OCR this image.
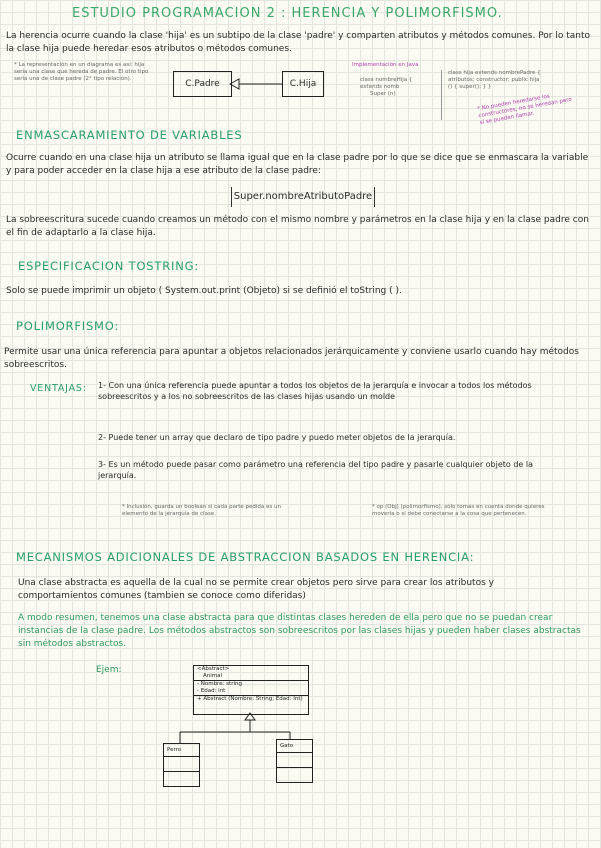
ESTUDIO PROGRAMACION 2 : HERENCIA Y POLIMORFISMO.
La herencia ocurre cuando la clase 'hija' es un subtipo de la clase 'padre' y comparten atributos y métodos comunes. Por lo tanto la clase hija puede heredar esos atributos o métodos comunes.
* La representación en un diagrama es así: hija sería una clase que hereda de padre. El otro tipo sería una de clase padre (2° tipo relación).	C.Padre	C.Hija
Implementación en Java
class nombreHija {
extends nomb
Super (n)
class hija extends nombrePadre { atributos; constructor; public hija () { super(); } }
* No pueden heredarse los constructores, no se heredan pero sí se pueden llamar.
ENMASCARAMIENTO DE VARIABLES
Ocurre cuando en una clase hija un atributo se llama igual que en la clase padre por lo que se dice que se enmascara la variable y para poder acceder en la clase hija a ese atributo de la clase padre:
Super.nombreAtributoPadre
La sobreescritura sucede cuando creamos un método con el mismo nombre y parámetros en la clase hija y en la clase padre con el fin de adaptarlo a la clase hija.
ESPECIFICACION TOSTRING:
Solo se puede imprimir un objeto ( System.out.print (Objeto) si se definió el toString ( ).
POLIMORFISMO:
Permite usar una única referencia para apuntar a objetos relacionados jerárquicamente y conviene usarlo cuando hay métodos sobreescritos.
VENTAJAS: 1- Con una única referencia puede apuntar a todos los objetos de la jerarquía e invocar a todos los métodos sobreescritos y a los no sobreescritos de las clases hijas usando un molde
2- Puede tener un array que declaro de tipo padre y puedo meter objetos de la jerarquía.
3- Es un método puede pasar como parámetro una referencia del tipo padre y pasarle cualquier objeto de la jerarquía.
* Inclusión, guarda un boolean si cada parte pedida es un elemento de la jerarquía de clase.
* op (Obj) (polimorfismo), sólo tomas en cuenta donde quieres moverla o si debe conectarse a la cosa que pertenecen.
MECANISMOS ADICIONALES DE ABSTRACCION BASADOS EN HERENCIA:
Una clase abstracta es aquella de la cual no se permite crear objetos pero sirve para crear los atributos y comportamientos comunes (tambien se conoce como diferidas)
A modo resumen, tenemos una clase abstracta para que distintas clases hereden de ella pero que no se puedan crear instancias de la clase padre. Los métodos abstractos son sobreescritos por las clases hijas y pueden haber clases abstractas sin métodos abstractos.
Ejem:	<Abstract>
Animal
- Nombre: string
- Edad: int
+ Abstract (Nombre: String; Edad: Int)
Perro
Gato
